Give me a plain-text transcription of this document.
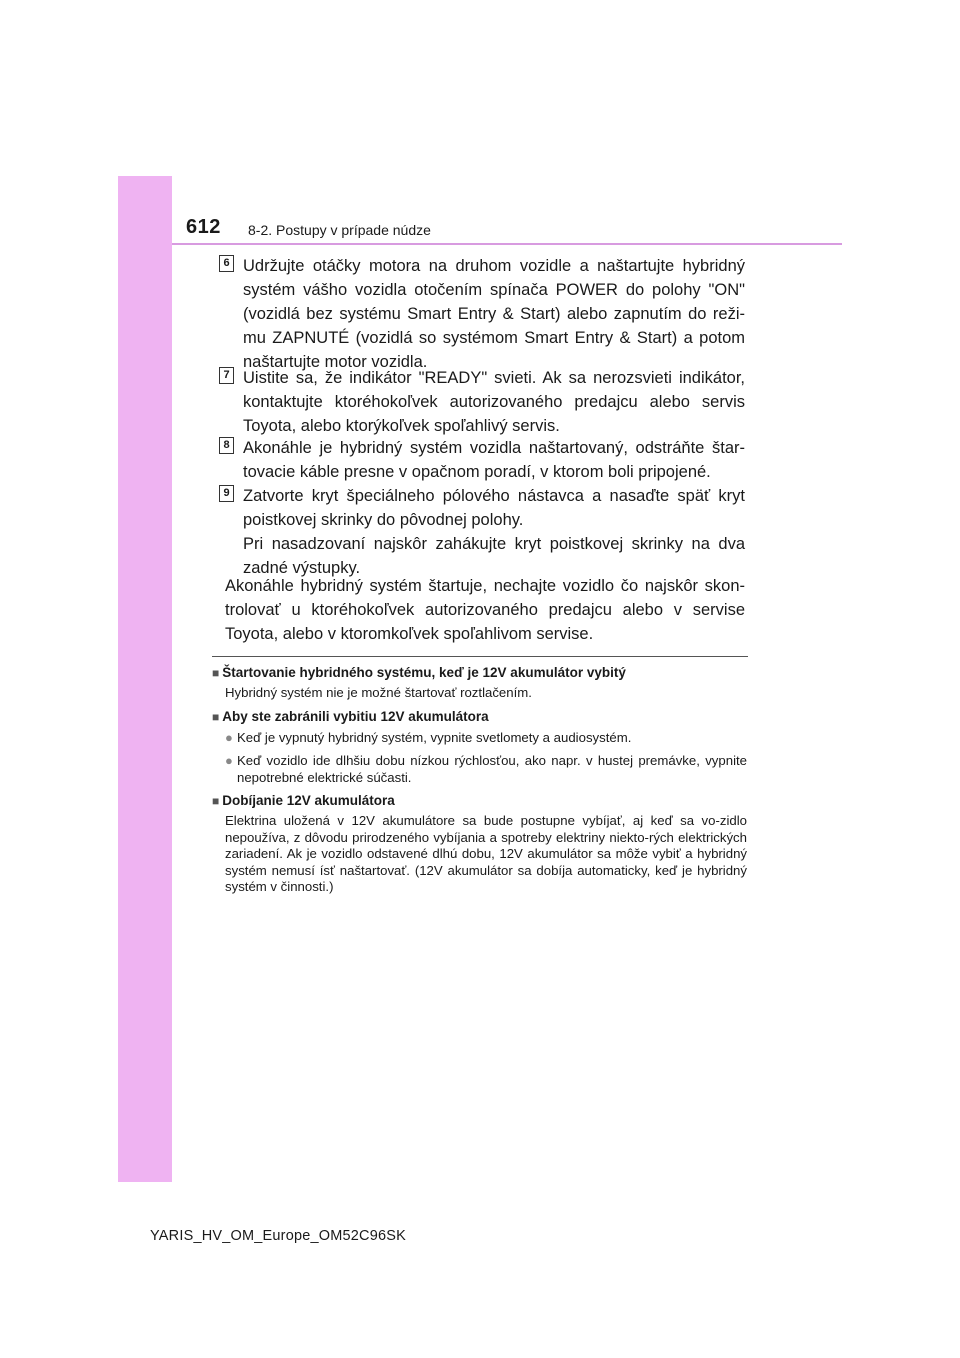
612 8-2. Postupy v prípade núdze
6 Udržujte otáčky motora na druhom vozidle a naštartujte hybridný systém vášho vozidla otočením spínača POWER do polohy "ON" (vozidlá bez systému Smart Entry & Start) alebo zapnutím do reži-mu ZAPNUTÉ (vozidlá so systémom Smart Entry & Start) a potom naštartujte motor vozidla.

7 Uistite sa, že indikátor "READY" svieti. Ak sa nerozsvieti indikátor, kontaktujte ktoréhokoľvek autorizovaného predajcu alebo servis Toyota, alebo ktorýkoľvek spoľahlivý servis.

8 Akonáhle je hybridný systém vozidla naštartovaný, odstráňte štar-tovacie káble presne v opačnom poradí, v ktorom boli pripojené.

9 Zatvorte kryt špeciálneho pólového nástavca a nasaďte späť kryt poistkovej skrinky do pôvodnej polohy.

Pri nasadzovaní najskôr zahákujte kryt poistkovej skrinky na dva zadné výstupky.

Akonáhle hybridný systém štartuje, nechajte vozidlo čo najskôr skon-trolovať u ktoréhokoľvek autorizovaného predajcu alebo v servise Toyota, alebo v ktoromkoľvek spoľahlivom servise.
■ Štartovanie hybridného systému, keď je 12V akumulátor vybitý
Hybridný systém nie je možné štartovať roztlačením.
■ Aby ste zabránili vybitiu 12V akumulátora
● Keď je vypnutý hybridný systém, vypnite svetlomety a audiosystém.
● Keď vozidlo ide dlhšiu dobu nízkou rýchlosťou, ako napr. v hustej premávke, vypnite nepotrebné elektrické súčasti.
■ Dobíjanie 12V akumulátora
Elektrina uložená v 12V akumulátore sa bude postupne vybíjať, aj keď sa vo-zidlo nepoužíva, z dôvodu prirodzeného vybíjania a spotreby elektriny niekto-rých elektrických zariadení. Ak je vozidlo odstavené dlhú dobu, 12V akumulátor sa môže vybiť a hybridný systém nemusí ísť naštartovať. (12V akumulátor sa dobíja automaticky, keď je hybridný systém v činnosti.)
YARIS_HV_OM_Europe_OM52C96SK
